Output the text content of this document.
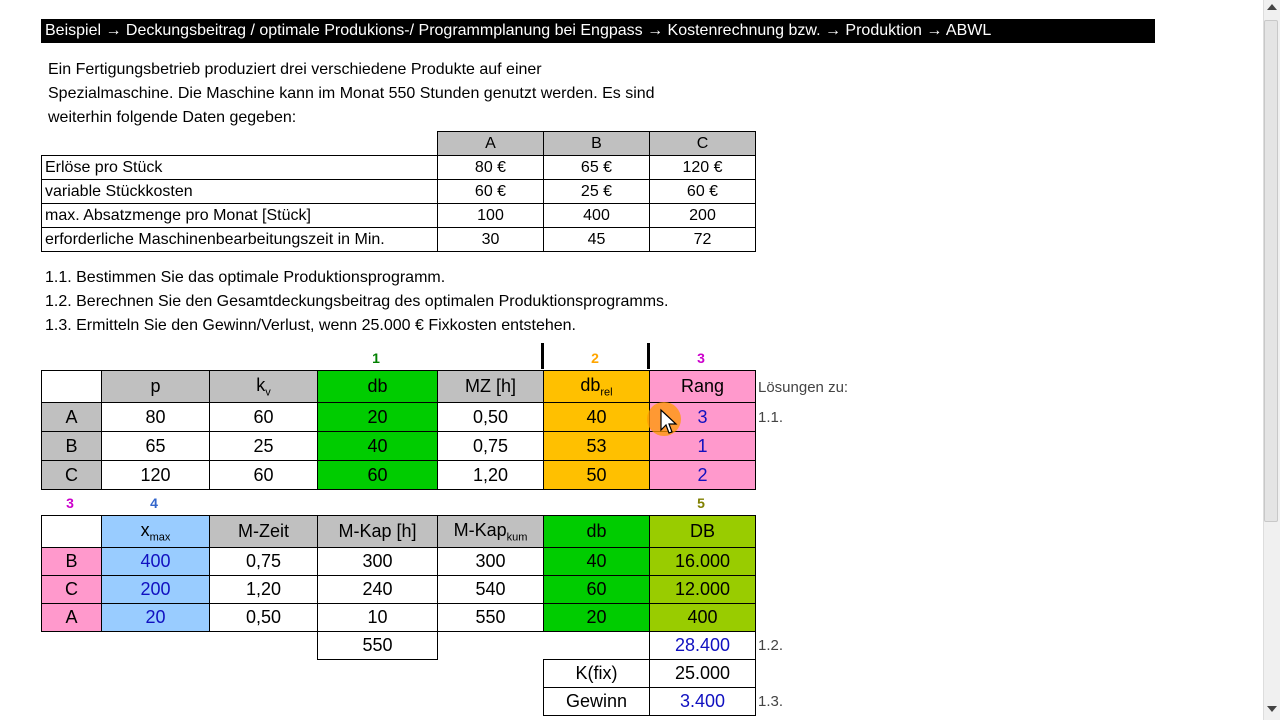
Beispiel → Deckungsbeitrag / optimale Produkions-/ Programmplanung bei Engpass → Kostenrechnung bzw. → Produktion → ABWL
Ein Fertigungsbetrieb produziert drei verschiedene Produkte auf einer
Spezialmaschine. Die Maschine kann im Monat 550 Stunden genutzt werden. Es sind
weiterhin folgende Daten gegeben:
	A	B	C
Erlöse pro Stück	80 €	65 €	120 €
variable Stückkosten	60 €	25 €	60 €
max. Absatzmenge pro Monat [Stück]	100	400	200
erforderliche Maschinenbearbeitungszeit in Min.	30	45	72
1.1. Bestimmen Sie das optimale Produktionsprogramm.
1.2. Berechnen Sie den Gesamtdeckungsbeitrag des optimalen Produktionsprogramms.
1.3. Ermitteln Sie den Gewinn/Verlust, wenn 25.000 € Fixkosten entstehen.
1	2	3
	p	$k_v$	db	MZ [h]	$db_{rel}$	Rang
A	80	60	20	0,50	40	3
B	65	25	40	0,75	53	1
C	120	60	60	1,20	50	2
Lösungen zu:
1.1.
3	4	5
	$x_{max}$	M-Zeit	M-Kap [h]	M-Kap$_{kum}$	db	DB
B	400	0,75	300	300	40	16.000
C	200	1,20	240	540	60	12.000
A	20	0,50	10	550	20	400
			550			28.400
					K(fix)	25.000
					Gewinn	3.400
1.2.
1.3.
